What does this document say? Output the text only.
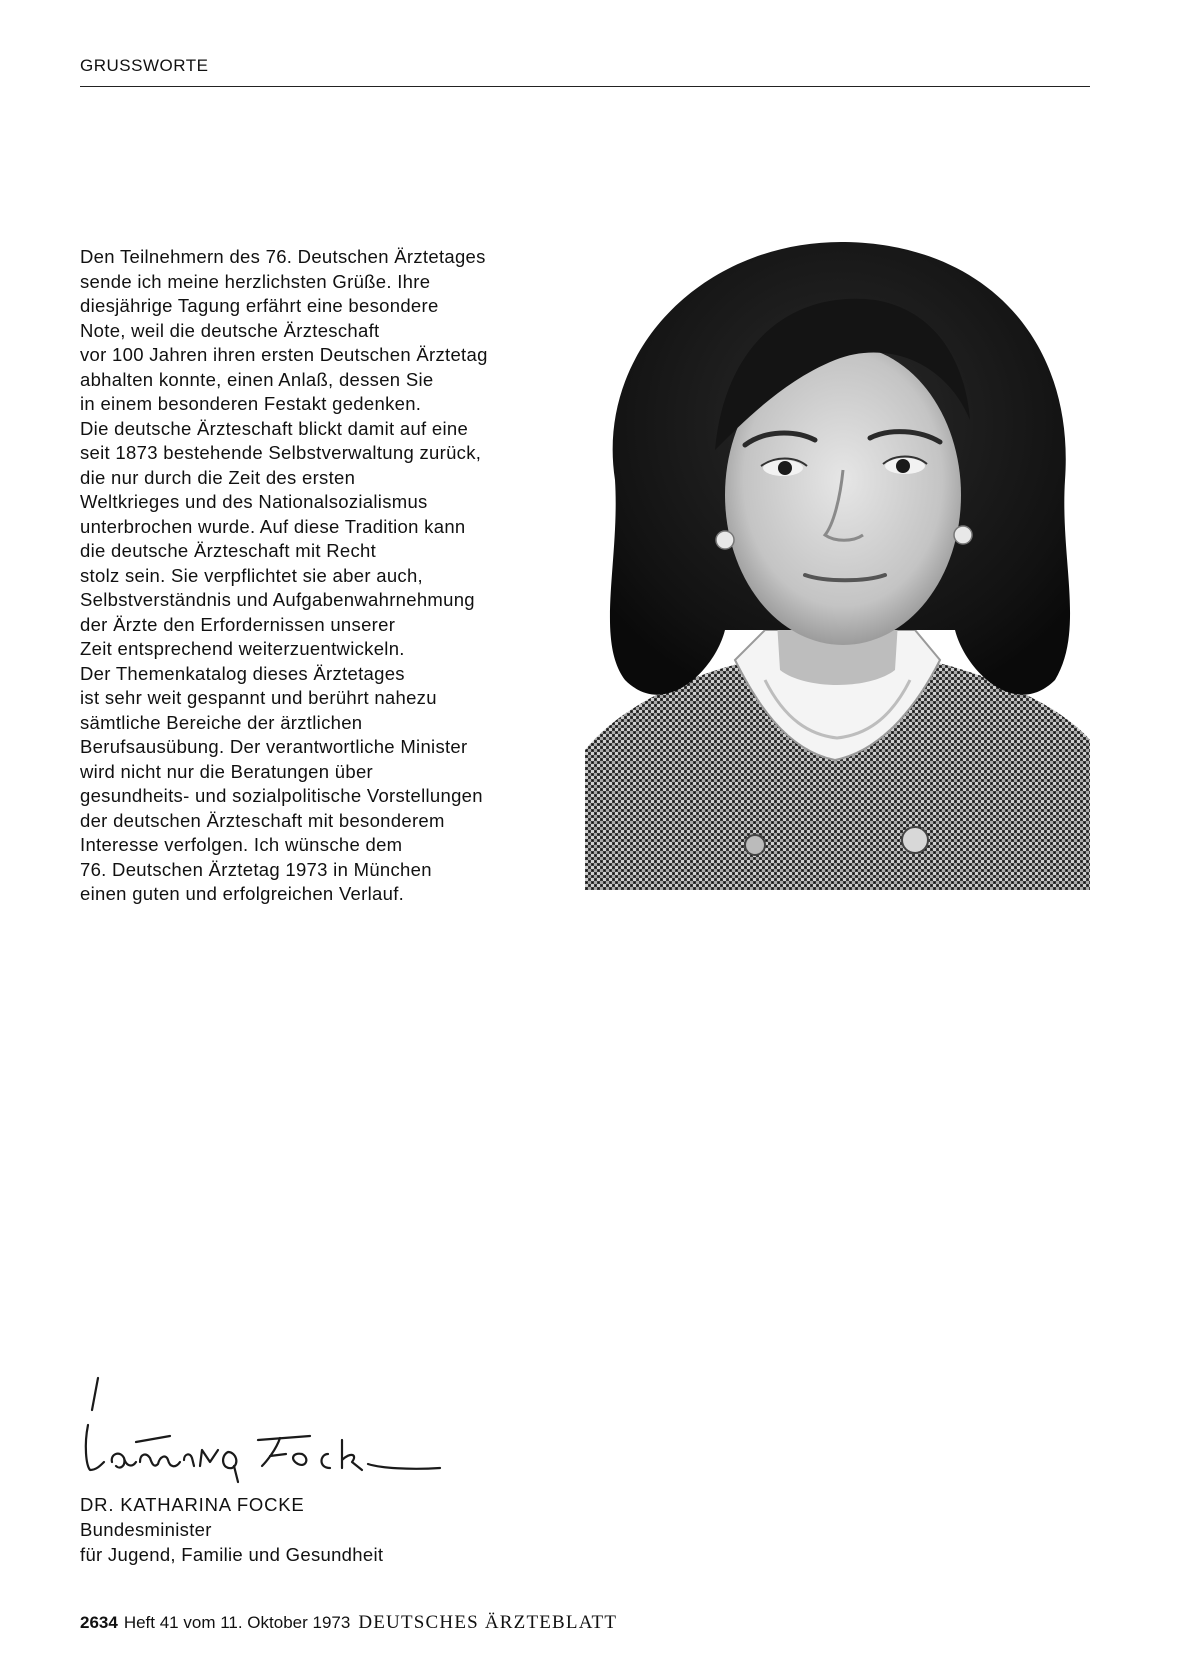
GRUSSWORTE
Den Teilnehmern des 76. Deutschen Ärztetages
sende ich meine herzlichsten Grüße. Ihre
diesjährige Tagung erfährt eine besondere
Note, weil die deutsche Ärzteschaft
vor 100 Jahren ihren ersten Deutschen Ärztetag
abhalten konnte, einen Anlaß, dessen Sie
in einem besonderen Festakt gedenken.
Die deutsche Ärzteschaft blickt damit auf eine
seit 1873 bestehende Selbstverwaltung zurück,
die nur durch die Zeit des ersten
Weltkrieges und des Nationalsozialismus
unterbrochen wurde. Auf diese Tradition kann
die deutsche Ärzteschaft mit Recht
stolz sein. Sie verpflichtet sie aber auch,
Selbstverständnis und Aufgabenwahrnehmung
der Ärzte den Erfordernissen unserer
Zeit entsprechend weiterzuentwickeln.
Der Themenkatalog dieses Ärztetages
ist sehr weit gespannt und berührt nahezu
sämtliche Bereiche der ärztlichen
Berufsausübung. Der verantwortliche Minister
wird nicht nur die Beratungen über
gesundheits- und sozialpolitische Vorstellungen
der deutschen Ärzteschaft mit besonderem
Interesse verfolgen. Ich wünsche dem
76. Deutschen Ärztetag 1973 in München
einen guten und erfolgreichen Verlauf.
DR. KATHARINA FOCKE
Bundesminister
für Jugend, Familie und Gesundheit
2634 Heft 41 vom 11. Oktober 1973 DEUTSCHES ÄRZTEBLATT
